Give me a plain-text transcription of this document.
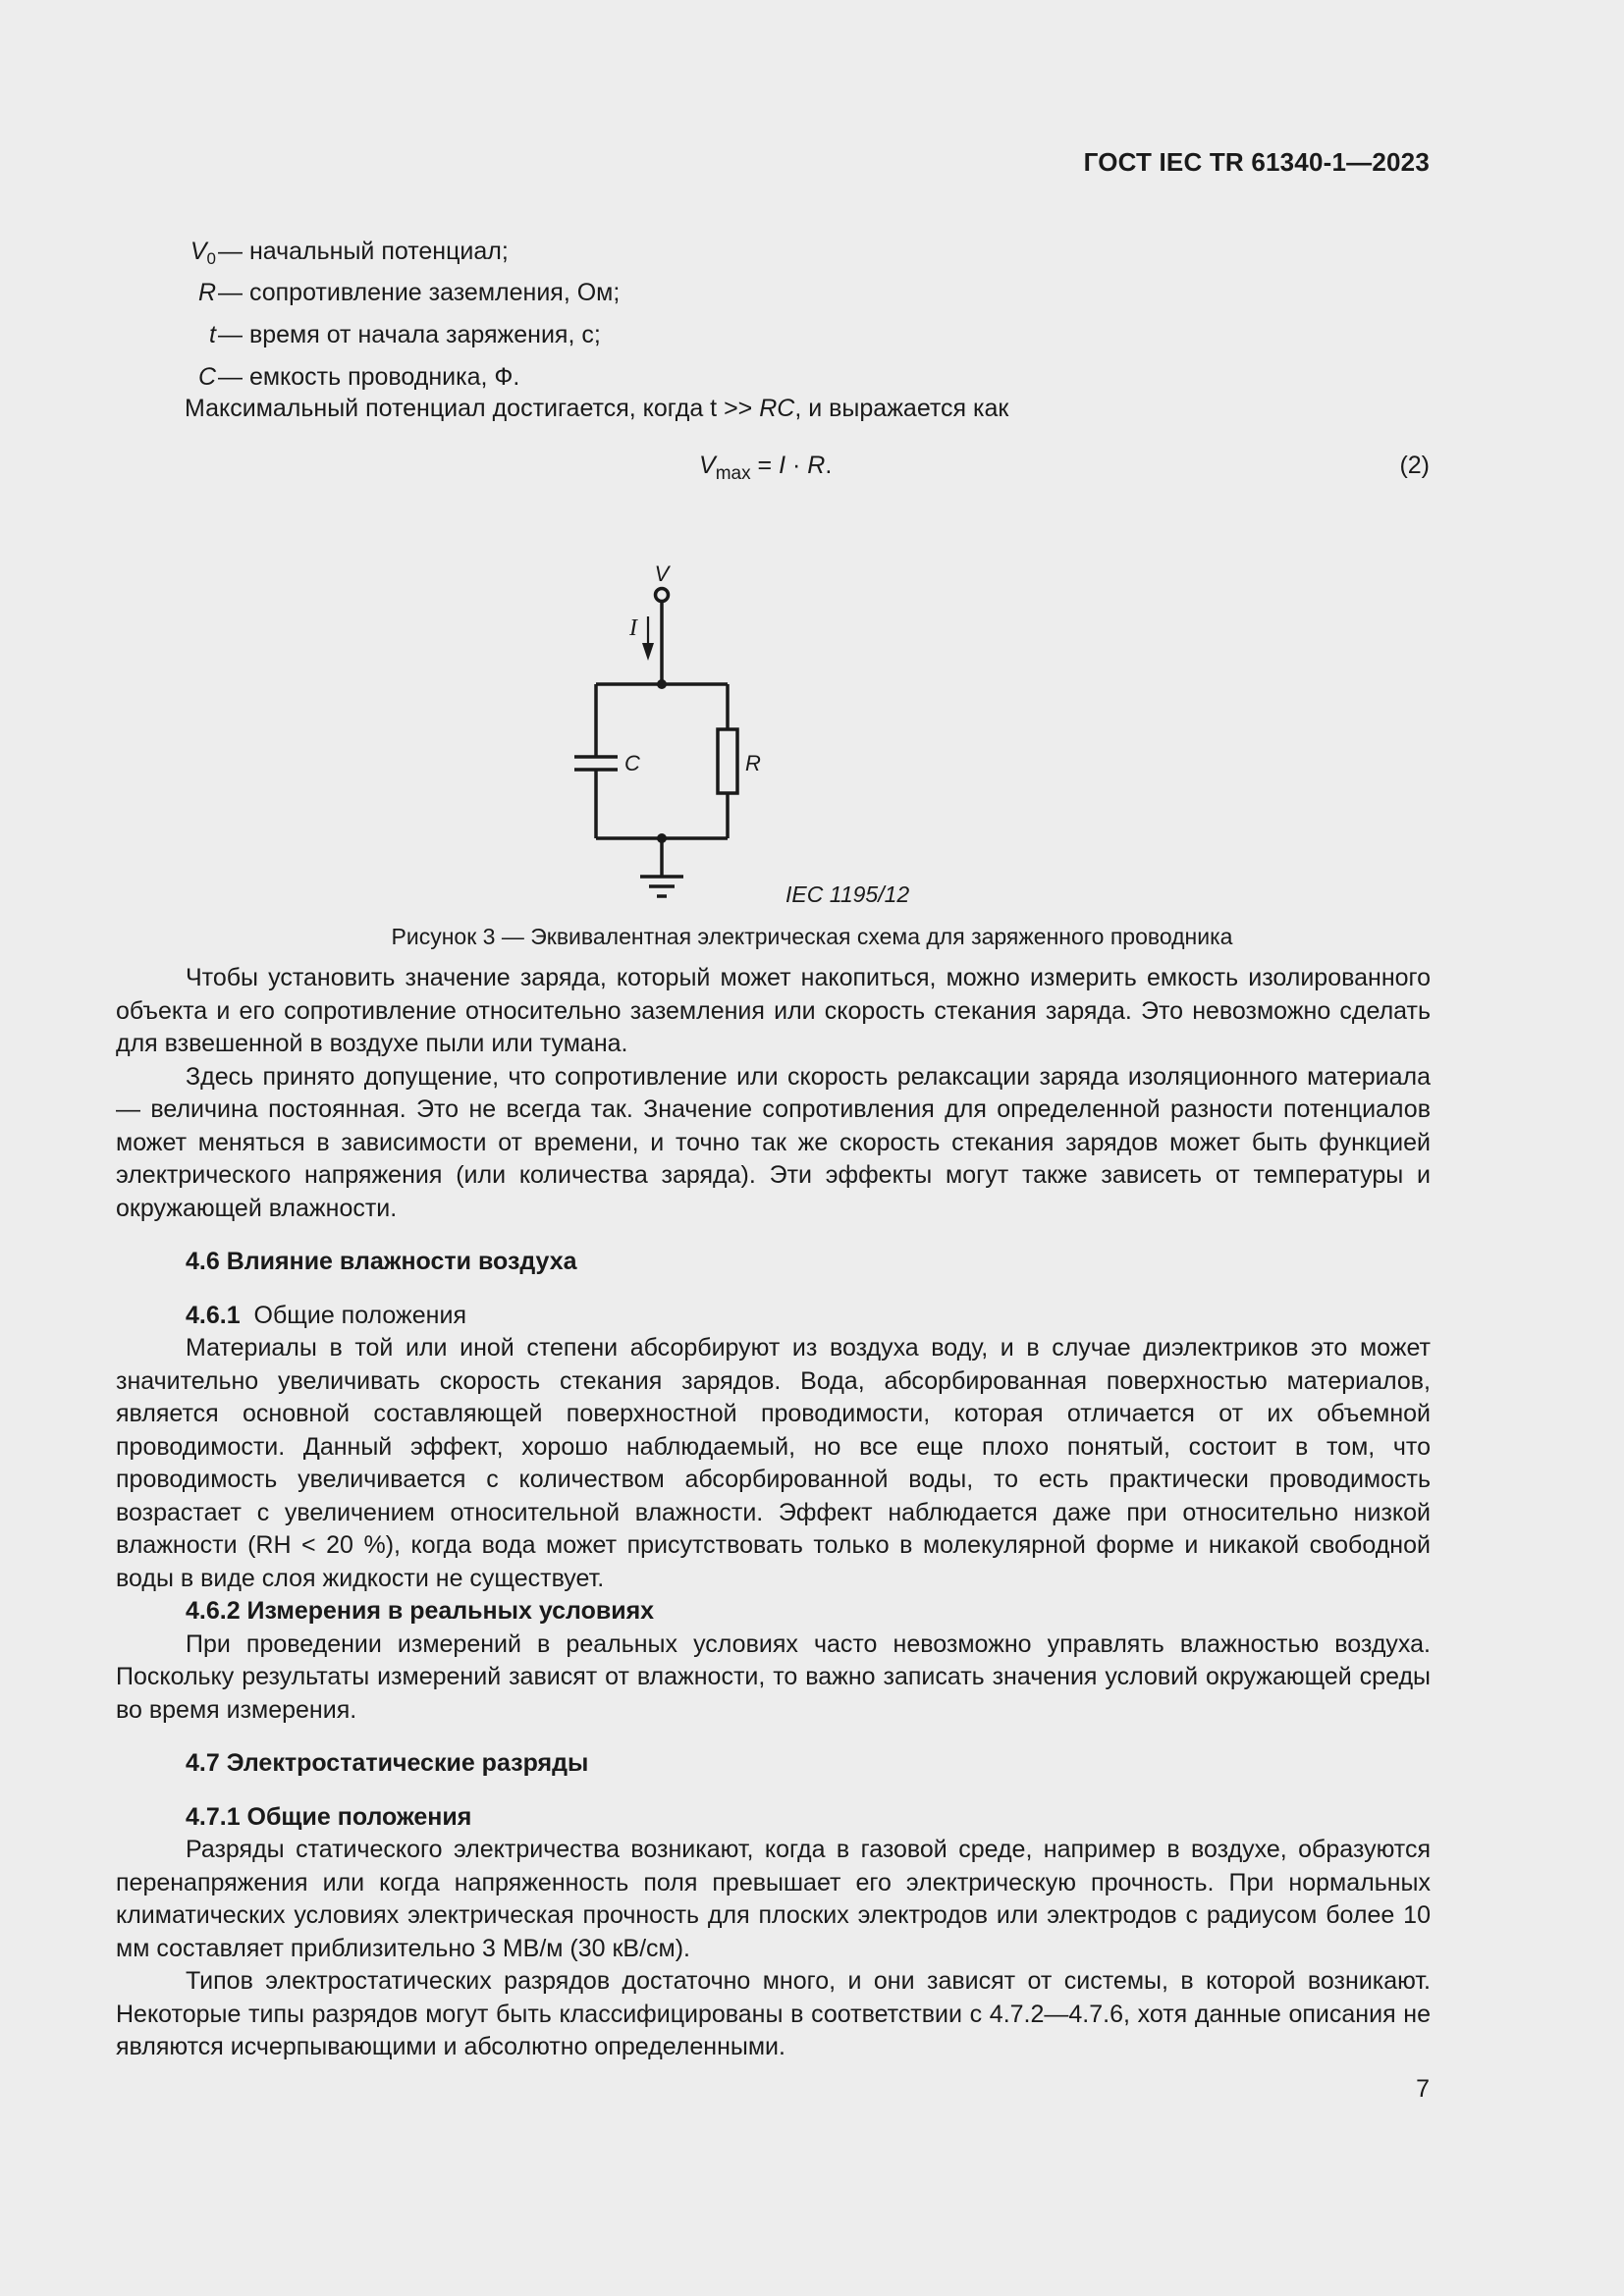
ГОСТ IEC TR 61340-1—2023
$V_0$ — начальный потенциал;
R — сопротивление заземления, Ом;
t — время от начала заряжения, с;
C — емкость проводника, Ф.
Максимальный потенциал достигается, когда t >> RC, и выражается как
$V_{max} = I \cdot R$.	(2)
V
I
C	R
IEC 1195/12
Рисунок 3 — Эквивалентная электрическая схема для заряженного проводника

Чтобы установить значение заряда, который может накопиться, можно измерить емкость изолированного объекта и его сопротивление относительно заземления или скорость стекания заряда. Это невозможно сделать для взвешенной в воздухе пыли или тумана.

Здесь принято допущение, что сопротивление или скорость релаксации заряда изоляционного материала — величина постоянная. Это не всегда так. Значение сопротивления для определенной разности потенциалов может меняться в зависимости от времени, и точно так же скорость стекания зарядов может быть функцией электрического напряжения (или количества заряда). Эти эффекты могут также зависеть от температуры и окружающей влажности.

4.6 Влияние влажности воздуха

4.6.1 Общие положения

Материалы в той или иной степени абсорбируют из воздуха воду, и в случае диэлектриков это может значительно увеличивать скорость стекания зарядов. Вода, абсорбированная поверхностью материалов, является основной составляющей поверхностной проводимости, которая отличается от их объемной проводимости. Данный эффект, хорошо наблюдаемый, но все еще плохо понятый, состоит в том, что проводимость увеличивается с количеством абсорбированной воды, то есть практически проводимость возрастает с увеличением относительной влажности. Эффект наблюдается даже при относительно низкой влажности (RH < 20 %), когда вода может присутствовать только в молекулярной форме и никакой свободной воды в виде слоя жидкости не существует.

4.6.2 Измерения в реальных условиях

При проведении измерений в реальных условиях часто невозможно управлять влажностью воздуха. Поскольку результаты измерений зависят от влажности, то важно записать значения условий окружающей среды во время измерения.

4.7 Электростатические разряды

4.7.1 Общие положения

Разряды статического электричества возникают, когда в газовой среде, например в воздухе, образуются перенапряжения или когда напряженность поля превышает его электрическую прочность. При нормальных климатических условиях электрическая прочность для плоских электродов или электродов с радиусом более 10 мм составляет приблизительно 3 МВ/м (30 кВ/см).

Типов электростатических разрядов достаточно много, и они зависят от системы, в которой возникают. Некоторые типы разрядов могут быть классифицированы в соответствии с 4.7.2—4.7.6, хотя данные описания не являются исчерпывающими и абсолютно определенными.

7
